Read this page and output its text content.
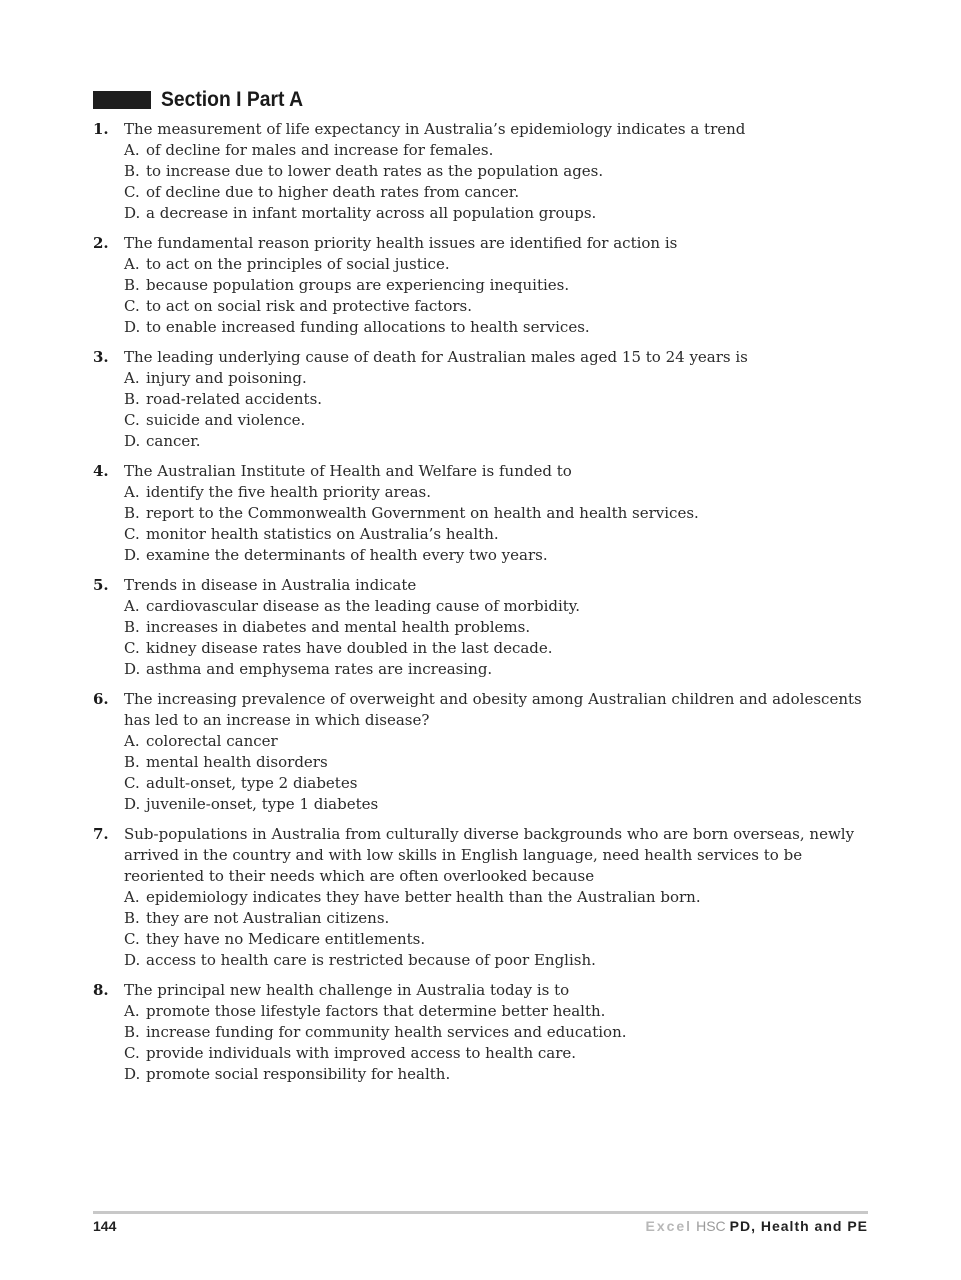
Section I Part A
1. The measurement of life expectancy in Australia’s epidemiology indicates a trend
A. of decline for males and increase for females.
B. to increase due to lower death rates as the population ages.
C. of decline due to higher death rates from cancer.
D. a decrease in infant mortality across all population groups.
2. The fundamental reason priority health issues are identified for action is
A. to act on the principles of social justice.
B. because population groups are experiencing inequities.
C. to act on social risk and protective factors.
D. to enable increased funding allocations to health services.
3. The leading underlying cause of death for Australian males aged 15 to 24 years is
A. injury and poisoning.
B. road-related accidents.
C. suicide and violence.
D. cancer.
4. The Australian Institute of Health and Welfare is funded to
A. identify the five health priority areas.
B. report to the Commonwealth Government on health and health services.
C. monitor health statistics on Australia’s health.
D. examine the determinants of health every two years.
5. Trends in disease in Australia indicate
A. cardiovascular disease as the leading cause of morbidity.
B. increases in diabetes and mental health problems.
C. kidney disease rates have doubled in the last decade.
D. asthma and emphysema rates are increasing.
6. The increasing prevalence of overweight and obesity among Australian children and adolescents has led to an increase in which disease?
A. colorectal cancer
B. mental health disorders
C. adult-onset, type 2 diabetes
D. juvenile-onset, type 1 diabetes
7. Sub-populations in Australia from culturally diverse backgrounds who are born overseas, newly arrived in the country and with low skills in English language, need health services to be reoriented to their needs which are often overlooked because
A. epidemiology indicates they have better health than the Australian born.
B. they are not Australian citizens.
C. they have no Medicare entitlements.
D. access to health care is restricted because of poor English.
8. The principal new health challenge in Australia today is to
A. promote those lifestyle factors that determine better health.
B. increase funding for community health services and education.
C. provide individuals with improved access to health care.
D. promote social responsibility for health.
144	Excel HSC PD, Health and PE
